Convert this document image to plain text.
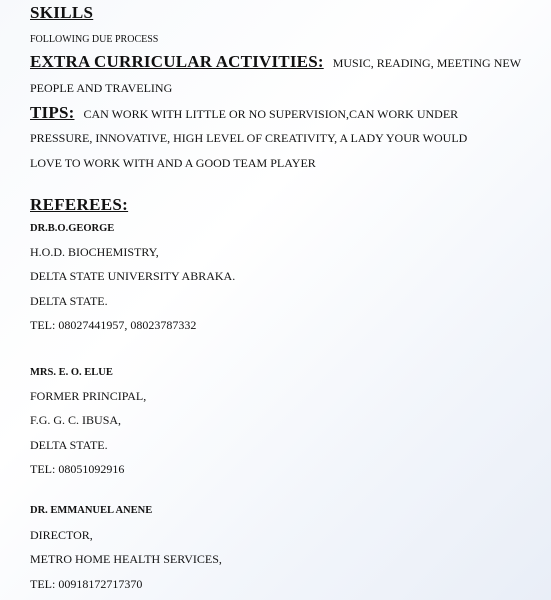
SKILLS
FOLLOWING DUE PROCESS
EXTRA CURRICULAR ACTIVITIES: MUSIC, READING, MEETING NEW
PEOPLE AND TRAVELING
TIPS: CAN WORK WITH LITTLE OR NO SUPERVISION,CAN WORK UNDER
PRESSURE, INNOVATIVE, HIGH LEVEL OF CREATIVITY, A LADY YOUR WOULD
LOVE TO WORK WITH AND A GOOD TEAM PLAYER
REFEREES:
DR.B.O.GEORGE
H.O.D. BIOCHEMISTRY,
DELTA STATE UNIVERSITY ABRAKA.
DELTA STATE.
TEL: 08027441957, 08023787332
MRS. E. O. ELUE
FORMER PRINCIPAL,
F.G. G. C. IBUSA,
DELTA STATE.
TEL: 08051092916
DR. EMMANUEL ANENE
DIRECTOR,
METRO HOME HEALTH SERVICES,
TEL: 00918172717370
